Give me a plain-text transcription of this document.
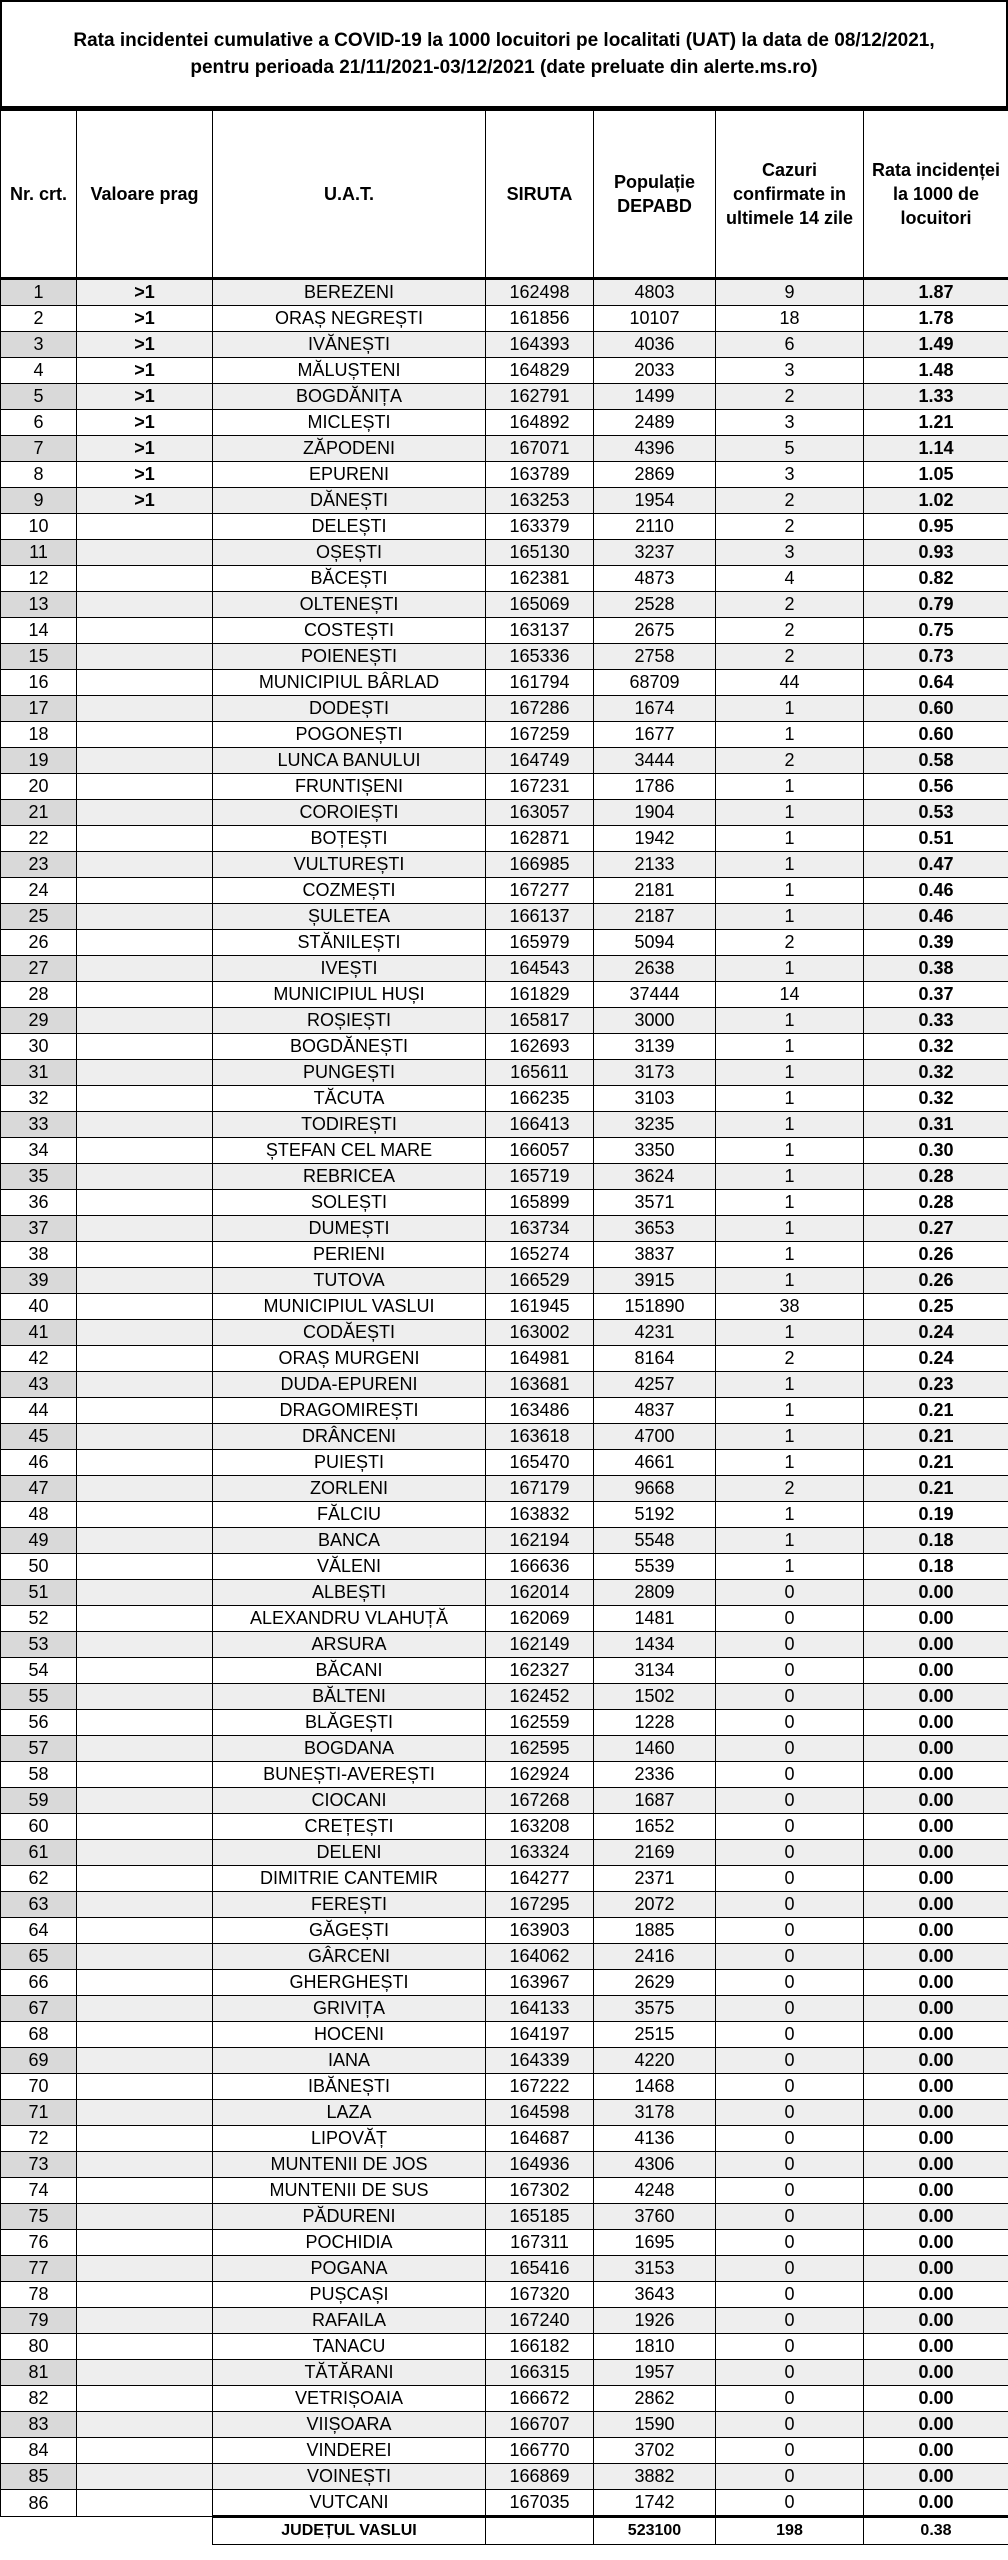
Rata incidentei cumulative a COVID-19 la 1000 locuitori pe localitati (UAT) la data de 08/12/2021,
pentru perioada 21/11/2021-03/12/2021 (date preluate din alerte.ms.ro)
Nr. crt.	Valoare prag	U.A.T.	SIRUTA	Populație DEPABD	Cazuri confirmate in ultimele 14 zile	Rata incidenței la 1000 de locuitori
1	>1	BEREZENI	162498	4803	9	1.87
2	>1	ORAȘ NEGREȘTI	161856	10107	18	1.78
3	>1	IVĂNEȘTI	164393	4036	6	1.49
4	>1	MĂLUȘTENI	164829	2033	3	1.48
5	>1	BOGDĂNIȚA	162791	1499	2	1.33
6	>1	MICLEȘTI	164892	2489	3	1.21
7	>1	ZĂPODENI	167071	4396	5	1.14
8	>1	EPURENI	163789	2869	3	1.05
9	>1	DĂNEȘTI	163253	1954	2	1.02
10		DELEȘTI	163379	2110	2	0.95
11		OȘEȘTI	165130	3237	3	0.93
12		BĂCEȘTI	162381	4873	4	0.82
13		OLTENEȘTI	165069	2528	2	0.79
14		COSTEȘTI	163137	2675	2	0.75
15		POIENEȘTI	165336	2758	2	0.73
16		MUNICIPIUL BÂRLAD	161794	68709	44	0.64
17		DODEȘTI	167286	1674	1	0.60
18		POGONEȘTI	167259	1677	1	0.60
19		LUNCA BANULUI	164749	3444	2	0.58
20		FRUNTIȘENI	167231	1786	1	0.56
21		COROIEȘTI	163057	1904	1	0.53
22		BOȚEȘTI	162871	1942	1	0.51
23		VULTUREȘTI	166985	2133	1	0.47
24		COZMEȘTI	167277	2181	1	0.46
25		ȘULETEA	166137	2187	1	0.46
26		STĂNILEȘTI	165979	5094	2	0.39
27		IVEȘTI	164543	2638	1	0.38
28		MUNICIPIUL HUȘI	161829	37444	14	0.37
29		ROȘIEȘTI	165817	3000	1	0.33
30		BOGDĂNEȘTI	162693	3139	1	0.32
31		PUNGEȘTI	165611	3173	1	0.32
32		TĂCUTA	166235	3103	1	0.32
33		TODIREȘTI	166413	3235	1	0.31
34		ȘTEFAN CEL MARE	166057	3350	1	0.30
35		REBRICEA	165719	3624	1	0.28
36		SOLEȘTI	165899	3571	1	0.28
37		DUMEȘTI	163734	3653	1	0.27
38		PERIENI	165274	3837	1	0.26
39		TUTOVA	166529	3915	1	0.26
40		MUNICIPIUL VASLUI	161945	151890	38	0.25
41		CODĂEȘTI	163002	4231	1	0.24
42		ORAȘ MURGENI	164981	8164	2	0.24
43		DUDA-EPURENI	163681	4257	1	0.23
44		DRAGOMIREȘTI	163486	4837	1	0.21
45		DRÂNCENI	163618	4700	1	0.21
46		PUIEȘTI	165470	4661	1	0.21
47		ZORLENI	167179	9668	2	0.21
48		FĂLCIU	163832	5192	1	0.19
49		BANCA	162194	5548	1	0.18
50		VĂLENI	166636	5539	1	0.18
51		ALBEȘTI	162014	2809	0	0.00
52		ALEXANDRU VLAHUȚĂ	162069	1481	0	0.00
53		ARSURA	162149	1434	0	0.00
54		BĂCANI	162327	3134	0	0.00
55		BĂLTENI	162452	1502	0	0.00
56		BLĂGEȘTI	162559	1228	0	0.00
57		BOGDANA	162595	1460	0	0.00
58		BUNEȘTI-AVEREȘTI	162924	2336	0	0.00
59		CIOCANI	167268	1687	0	0.00
60		CREȚEȘTI	163208	1652	0	0.00
61		DELENI	163324	2169	0	0.00
62		DIMITRIE CANTEMIR	164277	2371	0	0.00
63		FEREȘTI	167295	2072	0	0.00
64		GĂGEȘTI	163903	1885	0	0.00
65		GÂRCENI	164062	2416	0	0.00
66		GHERGHEȘTI	163967	2629	0	0.00
67		GRIVIȚA	164133	3575	0	0.00
68		HOCENI	164197	2515	0	0.00
69		IANA	164339	4220	0	0.00
70		IBĂNEȘTI	167222	1468	0	0.00
71		LAZA	164598	3178	0	0.00
72		LIPOVĂȚ	164687	4136	0	0.00
73		MUNTENII DE JOS	164936	4306	0	0.00
74		MUNTENII DE SUS	167302	4248	0	0.00
75		PĂDURENI	165185	3760	0	0.00
76		POCHIDIA	167311	1695	0	0.00
77		POGANA	165416	3153	0	0.00
78		PUȘCAȘI	167320	3643	0	0.00
79		RAFAILA	167240	1926	0	0.00
80		TANACU	166182	1810	0	0.00
81		TĂTĂRANI	166315	1957	0	0.00
82		VETRIȘOAIA	166672	2862	0	0.00
83		VIIȘOARA	166707	1590	0	0.00
84		VINDEREI	166770	3702	0	0.00
85		VOINEȘTI	166869	3882	0	0.00
86		VUTCANI	167035	1742	0	0.00
		JUDEȚUL VASLUI		523100	198	0.38
